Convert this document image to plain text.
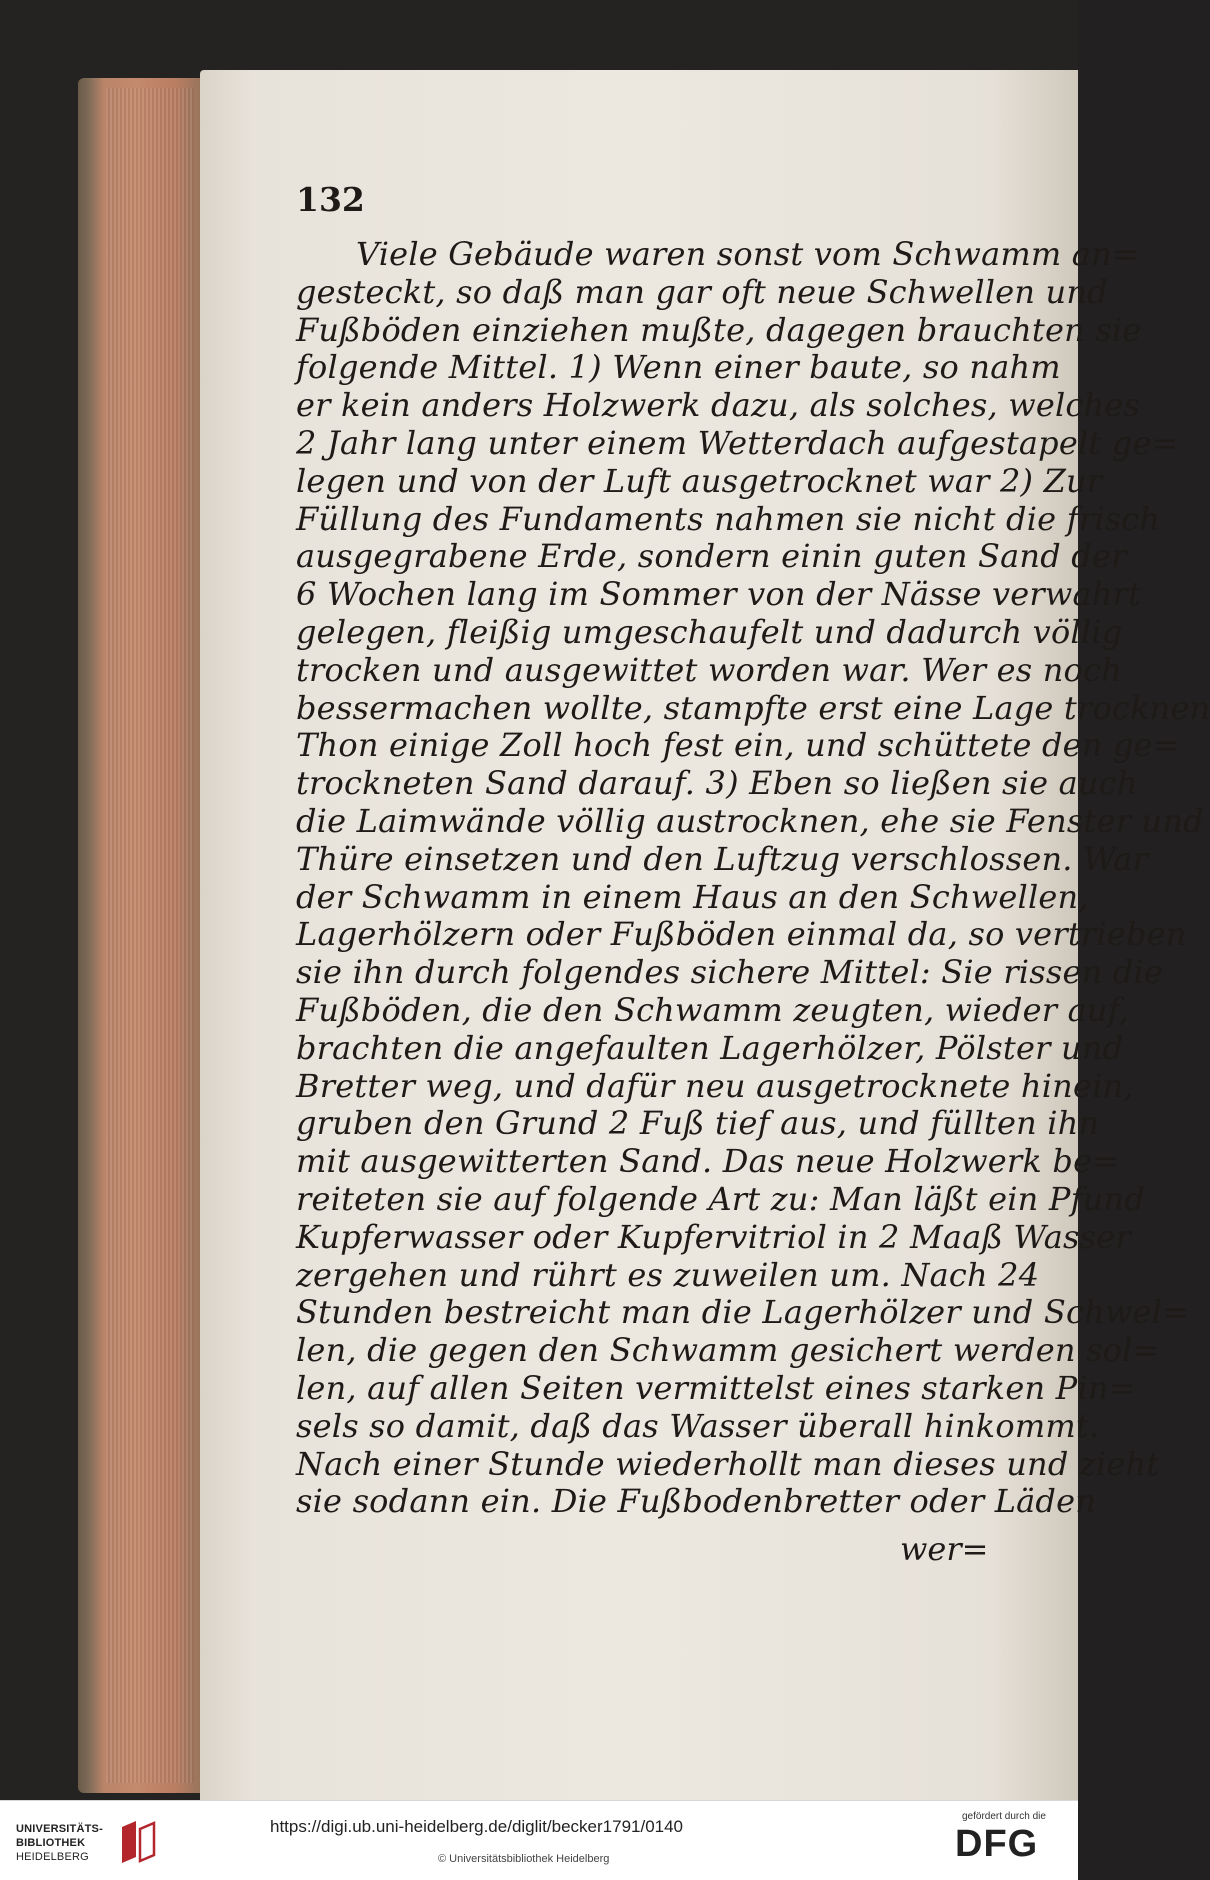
132
Viele Gebäude waren sonst vom Schwamm an=
gesteckt, so daß man gar oft neue Schwellen und
Fußböden einziehen mußte, dagegen brauchten sie
folgende Mittel. 1) Wenn einer baute, so nahm
er kein anders Holzwerk dazu, als solches, welches
2 Jahr lang unter einem Wetterdach aufgestapelt ge=
legen und von der Luft ausgetrocknet war 2) Zur
Füllung des Fundaments nahmen sie nicht die frisch
ausgegrabene Erde, sondern einin guten Sand der
6 Wochen lang im Sommer von der Nässe verwahrt
gelegen, fleißig umgeschaufelt und dadurch völlig
trocken und ausgewittet worden war. Wer es noch
bessermachen wollte, stampfte erst eine Lage trocknen
Thon einige Zoll hoch fest ein, und schüttete den ge=
trockneten Sand darauf. 3) Eben so ließen sie auch
die Laimwände völlig austrocknen, ehe sie Fenster und
Thüre einsetzen und den Luftzug verschlossen. War
der Schwamm in einem Haus an den Schwellen,
Lagerhölzern oder Fußböden einmal da, so vertrieben
sie ihn durch folgendes sichere Mittel: Sie rissen die
Fußböden, die den Schwamm zeugten, wieder auf,
brachten die angefaulten Lagerhölzer, Pölster und
Bretter weg, und dafür neu ausgetrocknete hinein,
gruben den Grund 2 Fuß tief aus, und füllten ihn
mit ausgewitterten Sand. Das neue Holzwerk be=
reiteten sie auf folgende Art zu: Man läßt ein Pfund
Kupferwasser oder Kupfervitriol in 2 Maaß Wasser
zergehen und rührt es zuweilen um. Nach 24
Stunden bestreicht man die Lagerhölzer und Schwel=
len, die gegen den Schwamm gesichert werden sol=
len, auf allen Seiten vermittelst eines starken Pin=
sels so damit, daß das Wasser überall hinkommt.
Nach einer Stunde wiederhollt man dieses und zieht
sie sodann ein. Die Fußbodenbretter oder Läden
wer=
UNIVERSITÄTS-
BIBLIOTHEK
HEIDELBERG
https://digi.ub.uni-heidelberg.de/diglit/becker1791/0140
© Universitätsbibliothek Heidelberg
gefördert durch die
DFG
